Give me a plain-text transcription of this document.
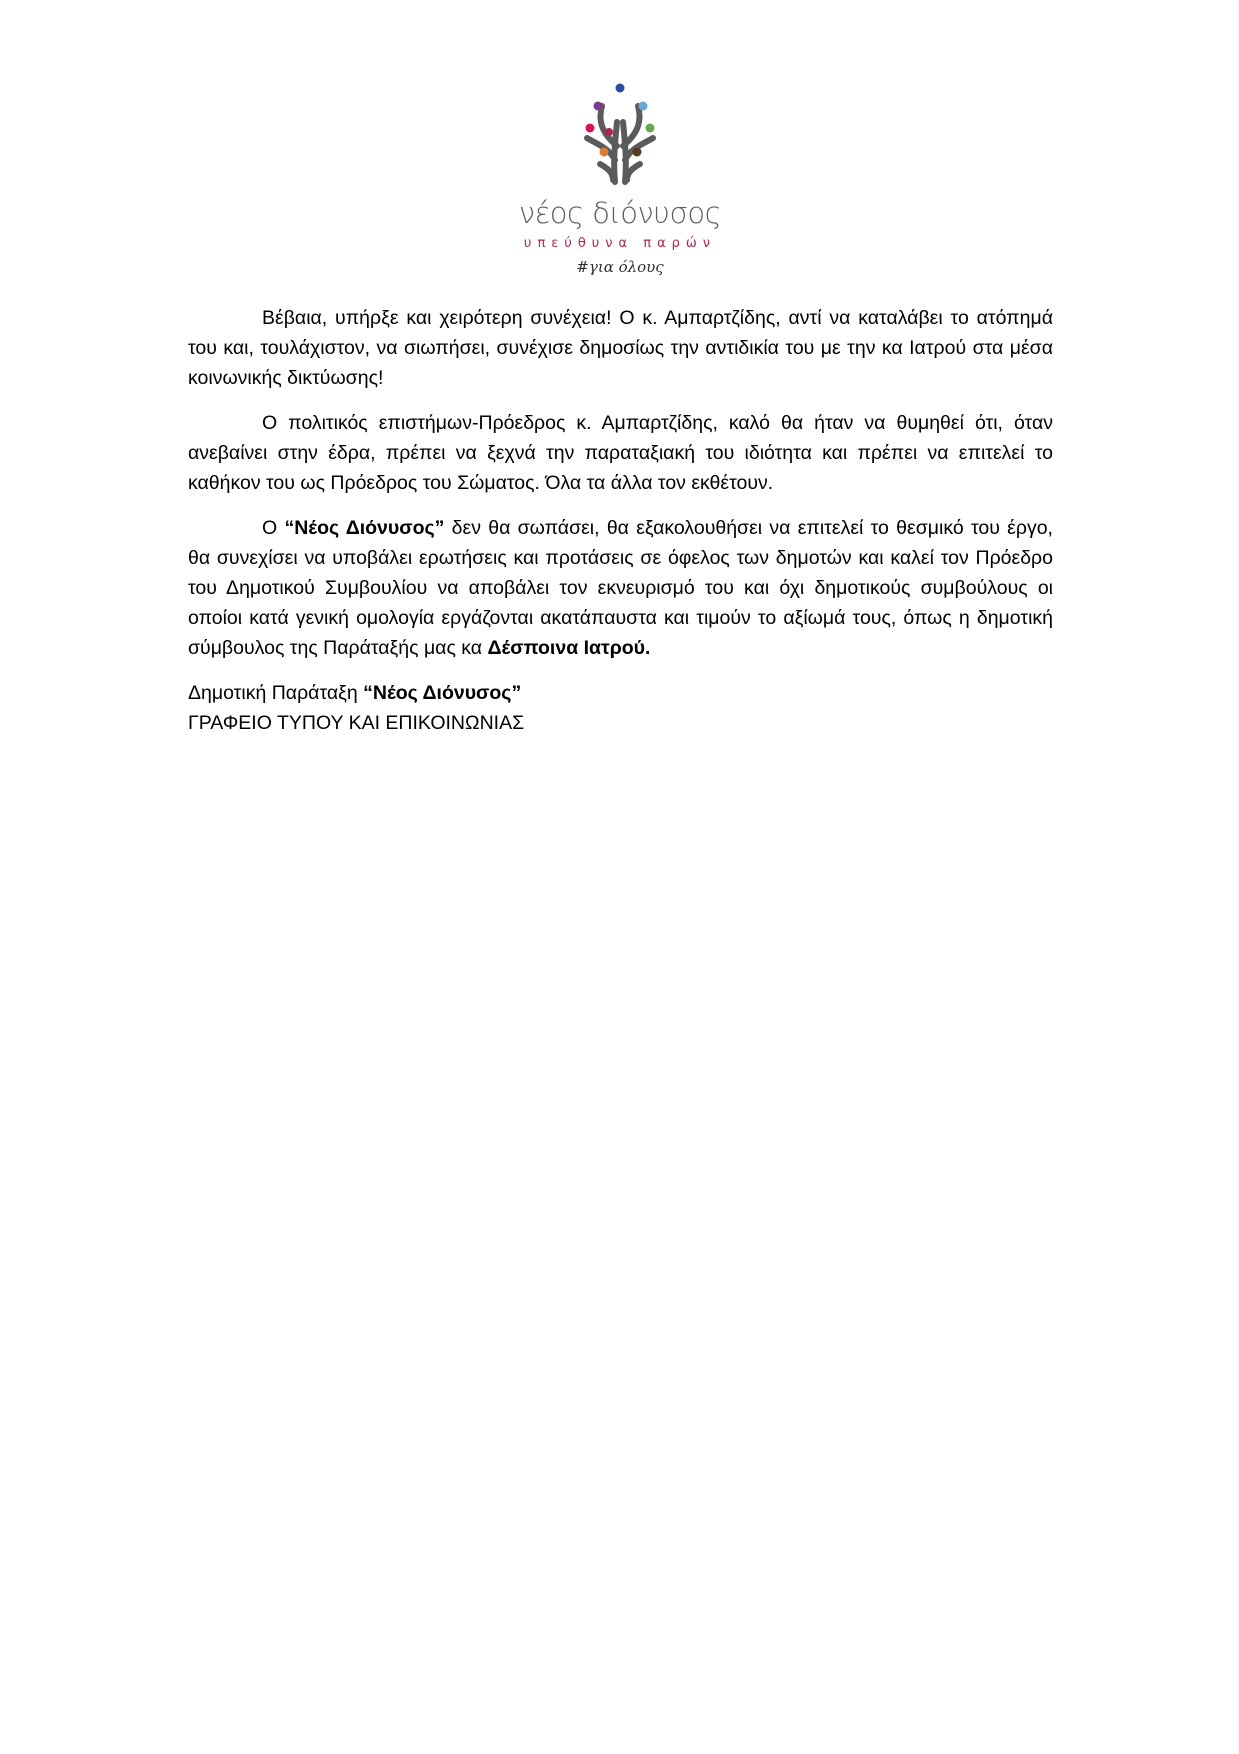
νέος διόνυσος
υπεύθυνα παρών
#για όλους

Βέβαια, υπήρξε και χειρότερη συνέχεια! Ο κ. Αμπαρτζίδης, αντί να καταλάβει το ατόπημά του και, τουλάχιστον, να σιωπήσει, συνέχισε δημοσίως την αντιδικία του με την κα Ιατρού στα μέσα κοινωνικής δικτύωσης!

Ο πολιτικός επιστήμων-Πρόεδρος κ. Αμπαρτζίδης, καλό θα ήταν να θυμηθεί ότι, όταν ανεβαίνει στην έδρα, πρέπει να ξεχνά την παραταξιακή του ιδιότητα και πρέπει να επιτελεί το καθήκον του ως Πρόεδρος του Σώματος. Όλα τα άλλα τον εκθέτουν.

Ο “Νέος Διόνυσος” δεν θα σωπάσει, θα εξακολουθήσει να επιτελεί το θεσμικό του έργο, θα συνεχίσει να υποβάλει ερωτήσεις και προτάσεις σε όφελος των δημοτών και καλεί τον Πρόεδρο του Δημοτικού Συμβουλίου να αποβάλει τον εκνευρισμό του και όχι δημοτικούς συμβούλους οι οποίοι κατά γενική ομολογία εργάζονται ακατάπαυστα και τιμούν το αξίωμά τους, όπως η δημοτική σύμβουλος της Παράταξής μας κα Δέσποινα Ιατρού.

Δημοτική Παράταξη “Νέος Διόνυσος”
ΓΡΑΦΕΙΟ ΤΥΠΟΥ ΚΑΙ ΕΠΙΚΟΙΝΩΝΙΑΣ
